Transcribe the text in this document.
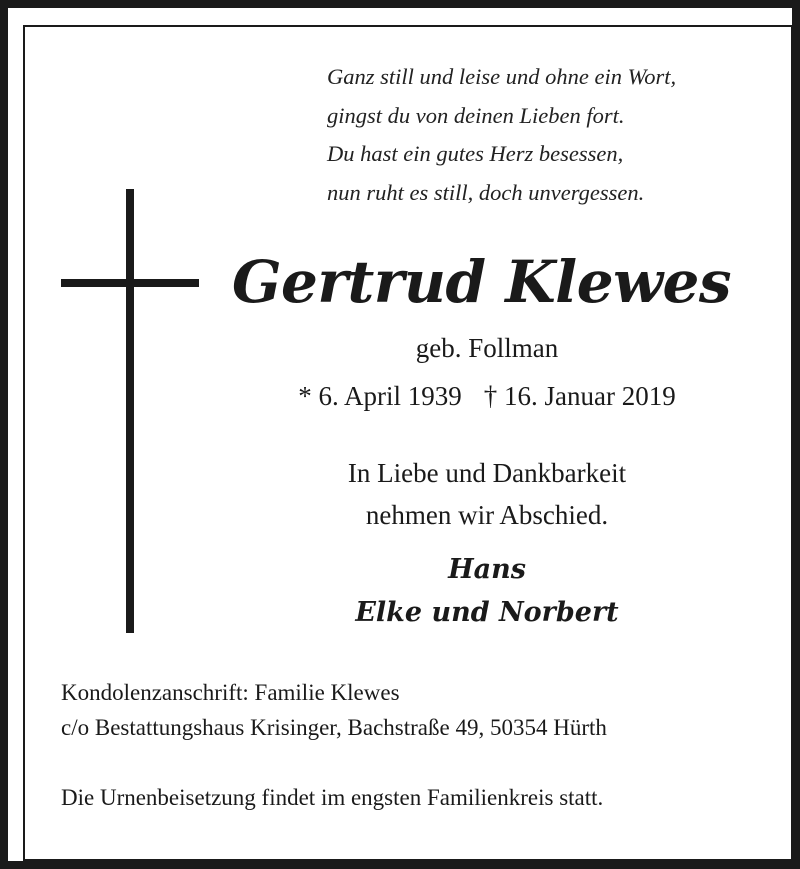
Ganz still und leise und ohne ein Wort,
gingst du von deinen Lieben fort.
Du hast ein gutes Herz besessen,
nun ruht es still, doch unvergessen.
Gertrud Klewes
geb. Follman
* 6. April 1939 † 16. Januar 2019
In Liebe und Dankbarkeit
nehmen wir Abschied.
Hans
Elke und Norbert
Kondolenzanschrift: Familie Klewes
c/o Bestattungshaus Krisinger, Bachstraße 49, 50354 Hürth
Die Urnenbeisetzung findet im engsten Familienkreis statt.
